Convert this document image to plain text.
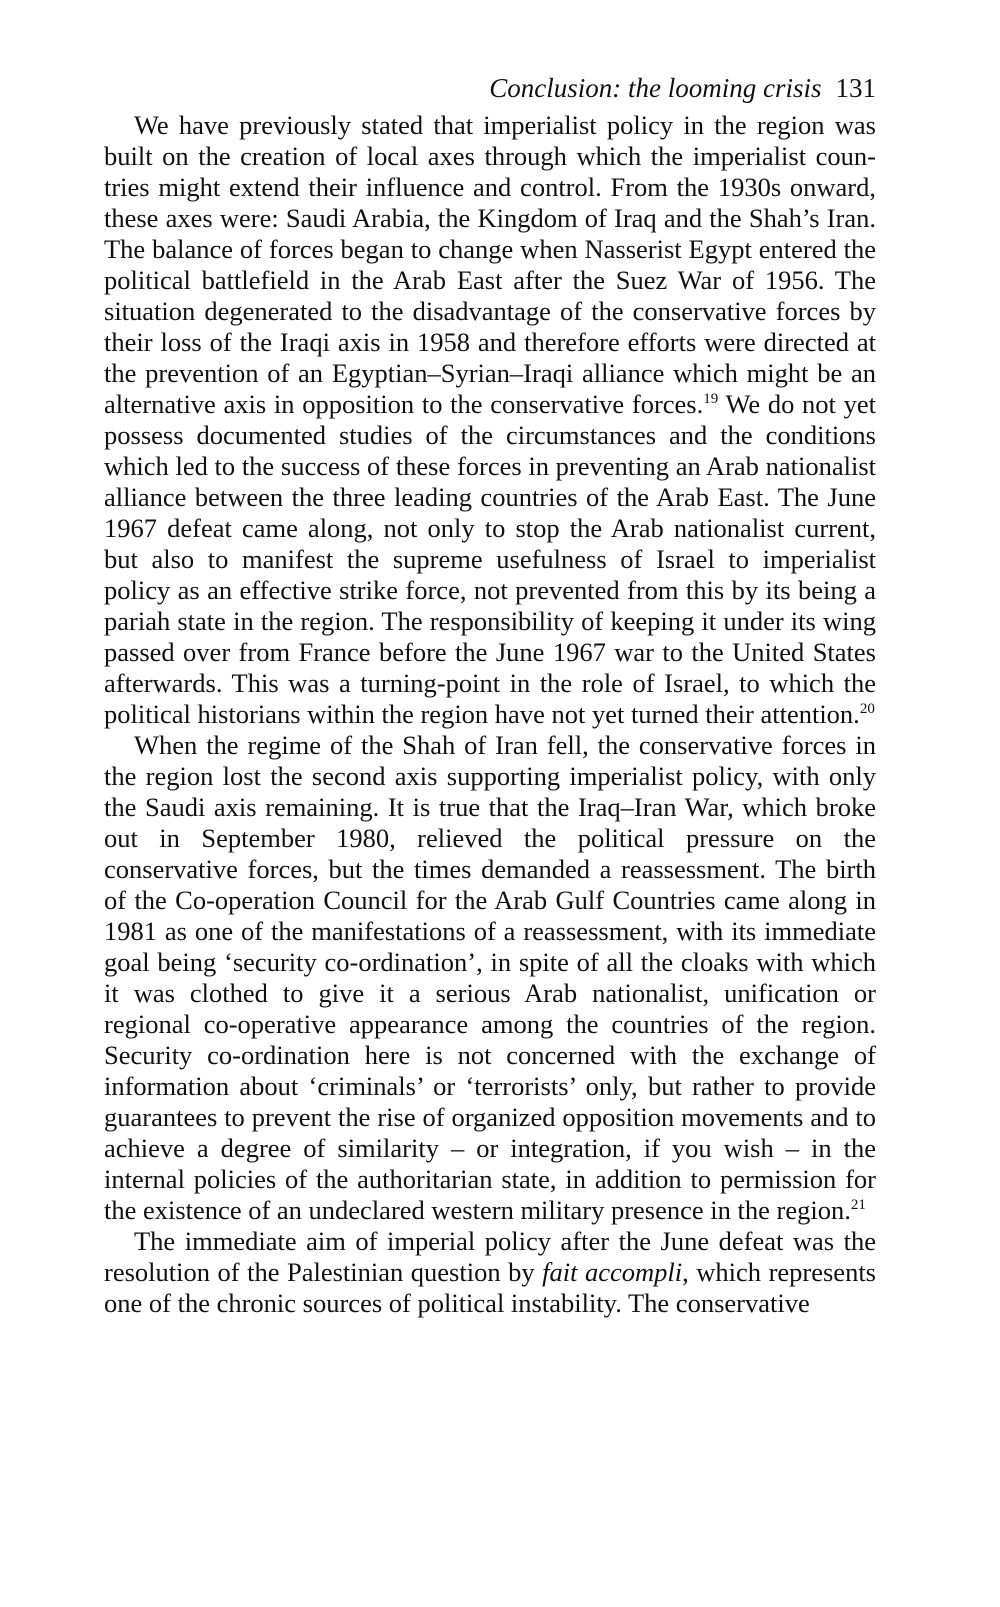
Conclusion: the looming crisis 131

We have previously stated that imperialist policy in the region was built on the creation of local axes through which the imperialist countries might extend their influence and control. From the 1930s onward, these axes were: Saudi Arabia, the Kingdom of Iraq and the Shah’s Iran. The balance of forces began to change when Nasserist Egypt entered the political battlefield in the Arab East after the Suez War of 1956. The situation degenerated to the disadvantage of the conservative forces by their loss of the Iraqi axis in 1958 and therefore efforts were directed at the prevention of an Egyptian–Syrian–Iraqi alliance which might be an alternative axis in opposition to the conservative forces.$^{19}$ We do not yet possess documented studies of the circumstances and the conditions which led to the success of these forces in preventing an Arab nationalist alliance between the three leading countries of the Arab East. The June 1967 defeat came along, not only to stop the Arab nationalist current, but also to manifest the supreme usefulness of Israel to imperialist policy as an effective strike force, not prevented from this by its being a pariah state in the region. The responsibility of keeping it under its wing passed over from France before the June 1967 war to the United States afterwards. This was a turning-point in the role of Israel, to which the political historians within the region have not yet turned their attention.$^{20}$

When the regime of the Shah of Iran fell, the conservative forces in the region lost the second axis supporting imperialist policy, with only the Saudi axis remaining. It is true that the Iraq–Iran War, which broke out in September 1980, relieved the political pressure on the conservative forces, but the times demanded a reassessment. The birth of the Co-operation Council for the Arab Gulf Countries came along in 1981 as one of the manifestations of a reassessment, with its immediate goal being ‘security co-ordination’, in spite of all the cloaks with which it was clothed to give it a serious Arab nationalist, unification or regional co-operative appearance among the countries of the region. Security co-ordination here is not concerned with the exchange of information about ‘criminals’ or ‘terrorists’ only, but rather to provide guarantees to prevent the rise of organized opposition movements and to achieve a degree of similarity – or integration, if you wish – in the internal policies of the authoritarian state, in addition to permission for the existence of an undeclared western military presence in the region.$^{21}$

The immediate aim of imperial policy after the June defeat was the resolution of the Palestinian question by fait accompli, which represents one of the chronic sources of political instability. The conservative
